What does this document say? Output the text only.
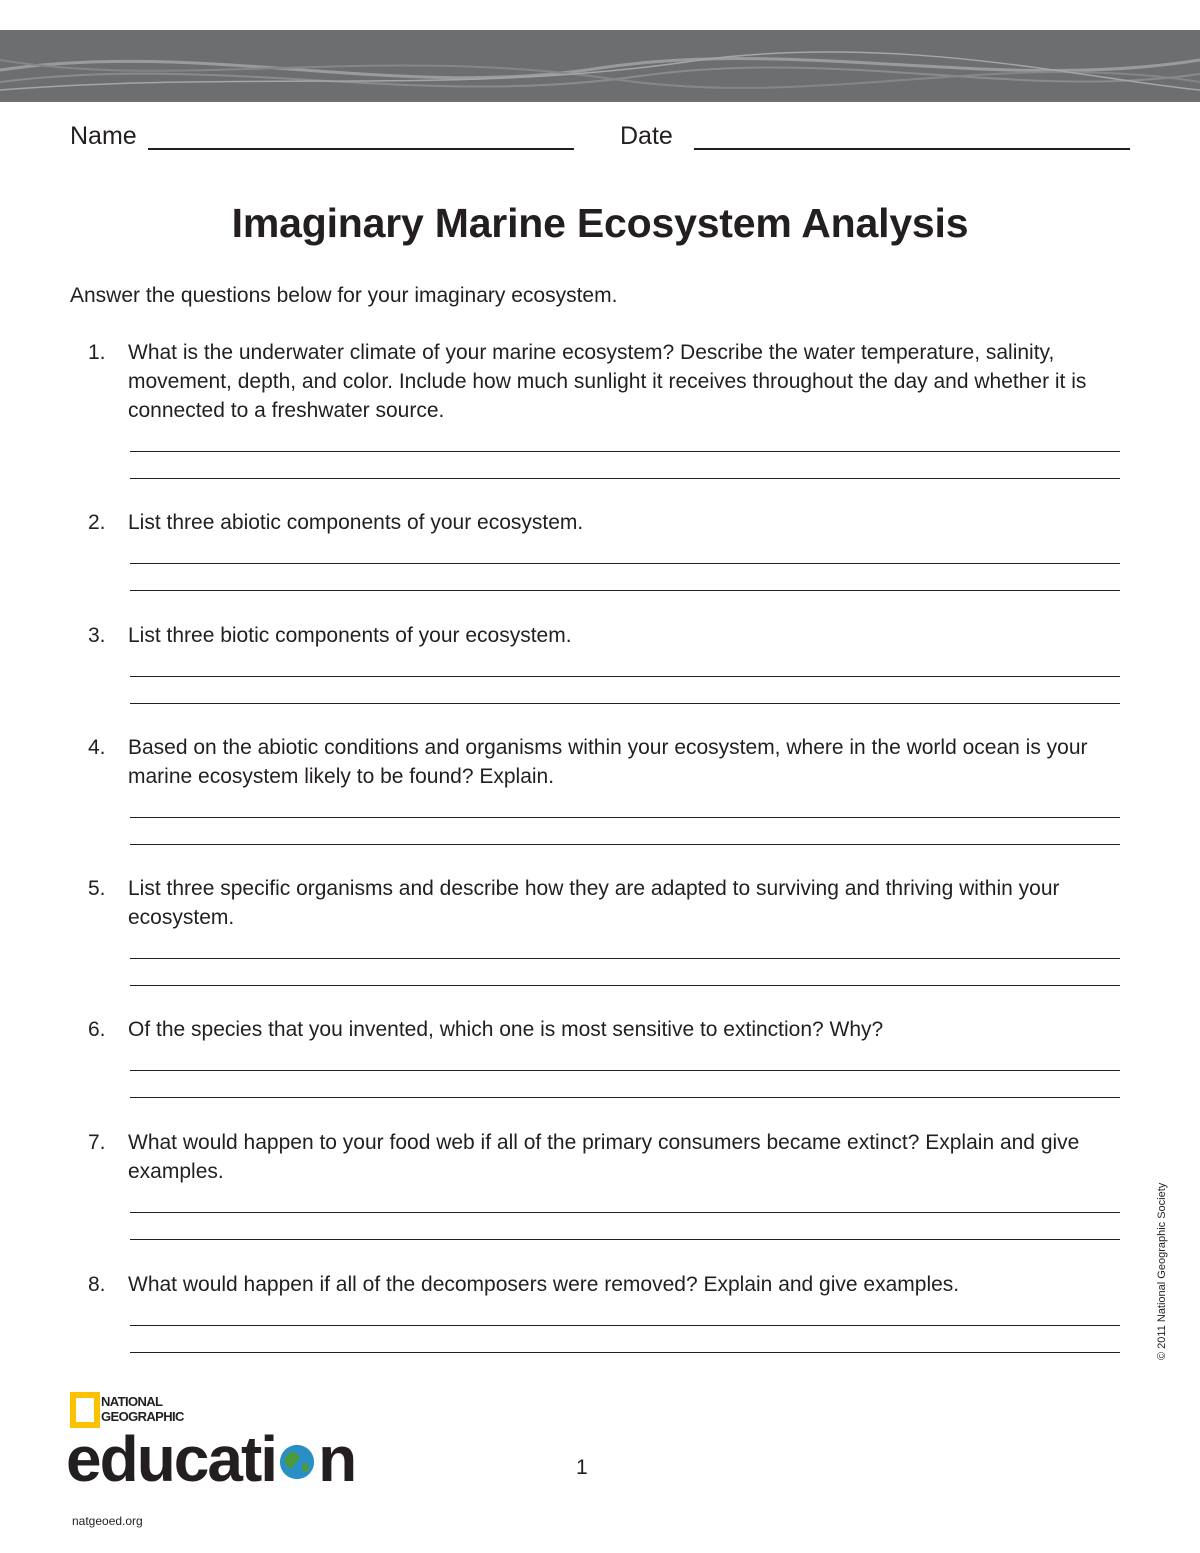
Name	Date
Imaginary Marine Ecosystem Analysis
Answer the questions below for your imaginary ecosystem.
1.	What is the underwater climate of your marine ecosystem? Describe the water temperature, salinity, movement, depth, and color. Include how much sunlight it receives throughout the day and whether it is connected to a freshwater source.
2.	List three abiotic components of your ecosystem.
3.	List three biotic components of your ecosystem.
4.	Based on the abiotic conditions and organisms within your ecosystem, where in the world ocean is your marine ecosystem likely to be found? Explain.
5.	List three specific organisms and describe how they are adapted to surviving and thriving within your ecosystem.
6.	Of the species that you invented, which one is most sensitive to extinction? Why?
7.	What would happen to your food web if all of the primary consumers became extinct? Explain and give examples.
8.	What would happen if all of the decomposers were removed? Explain and give examples.	© 2011 National Geographic Society
NATIONAL
GEOGRAPHIC
educati n
natgeoed.org
1
